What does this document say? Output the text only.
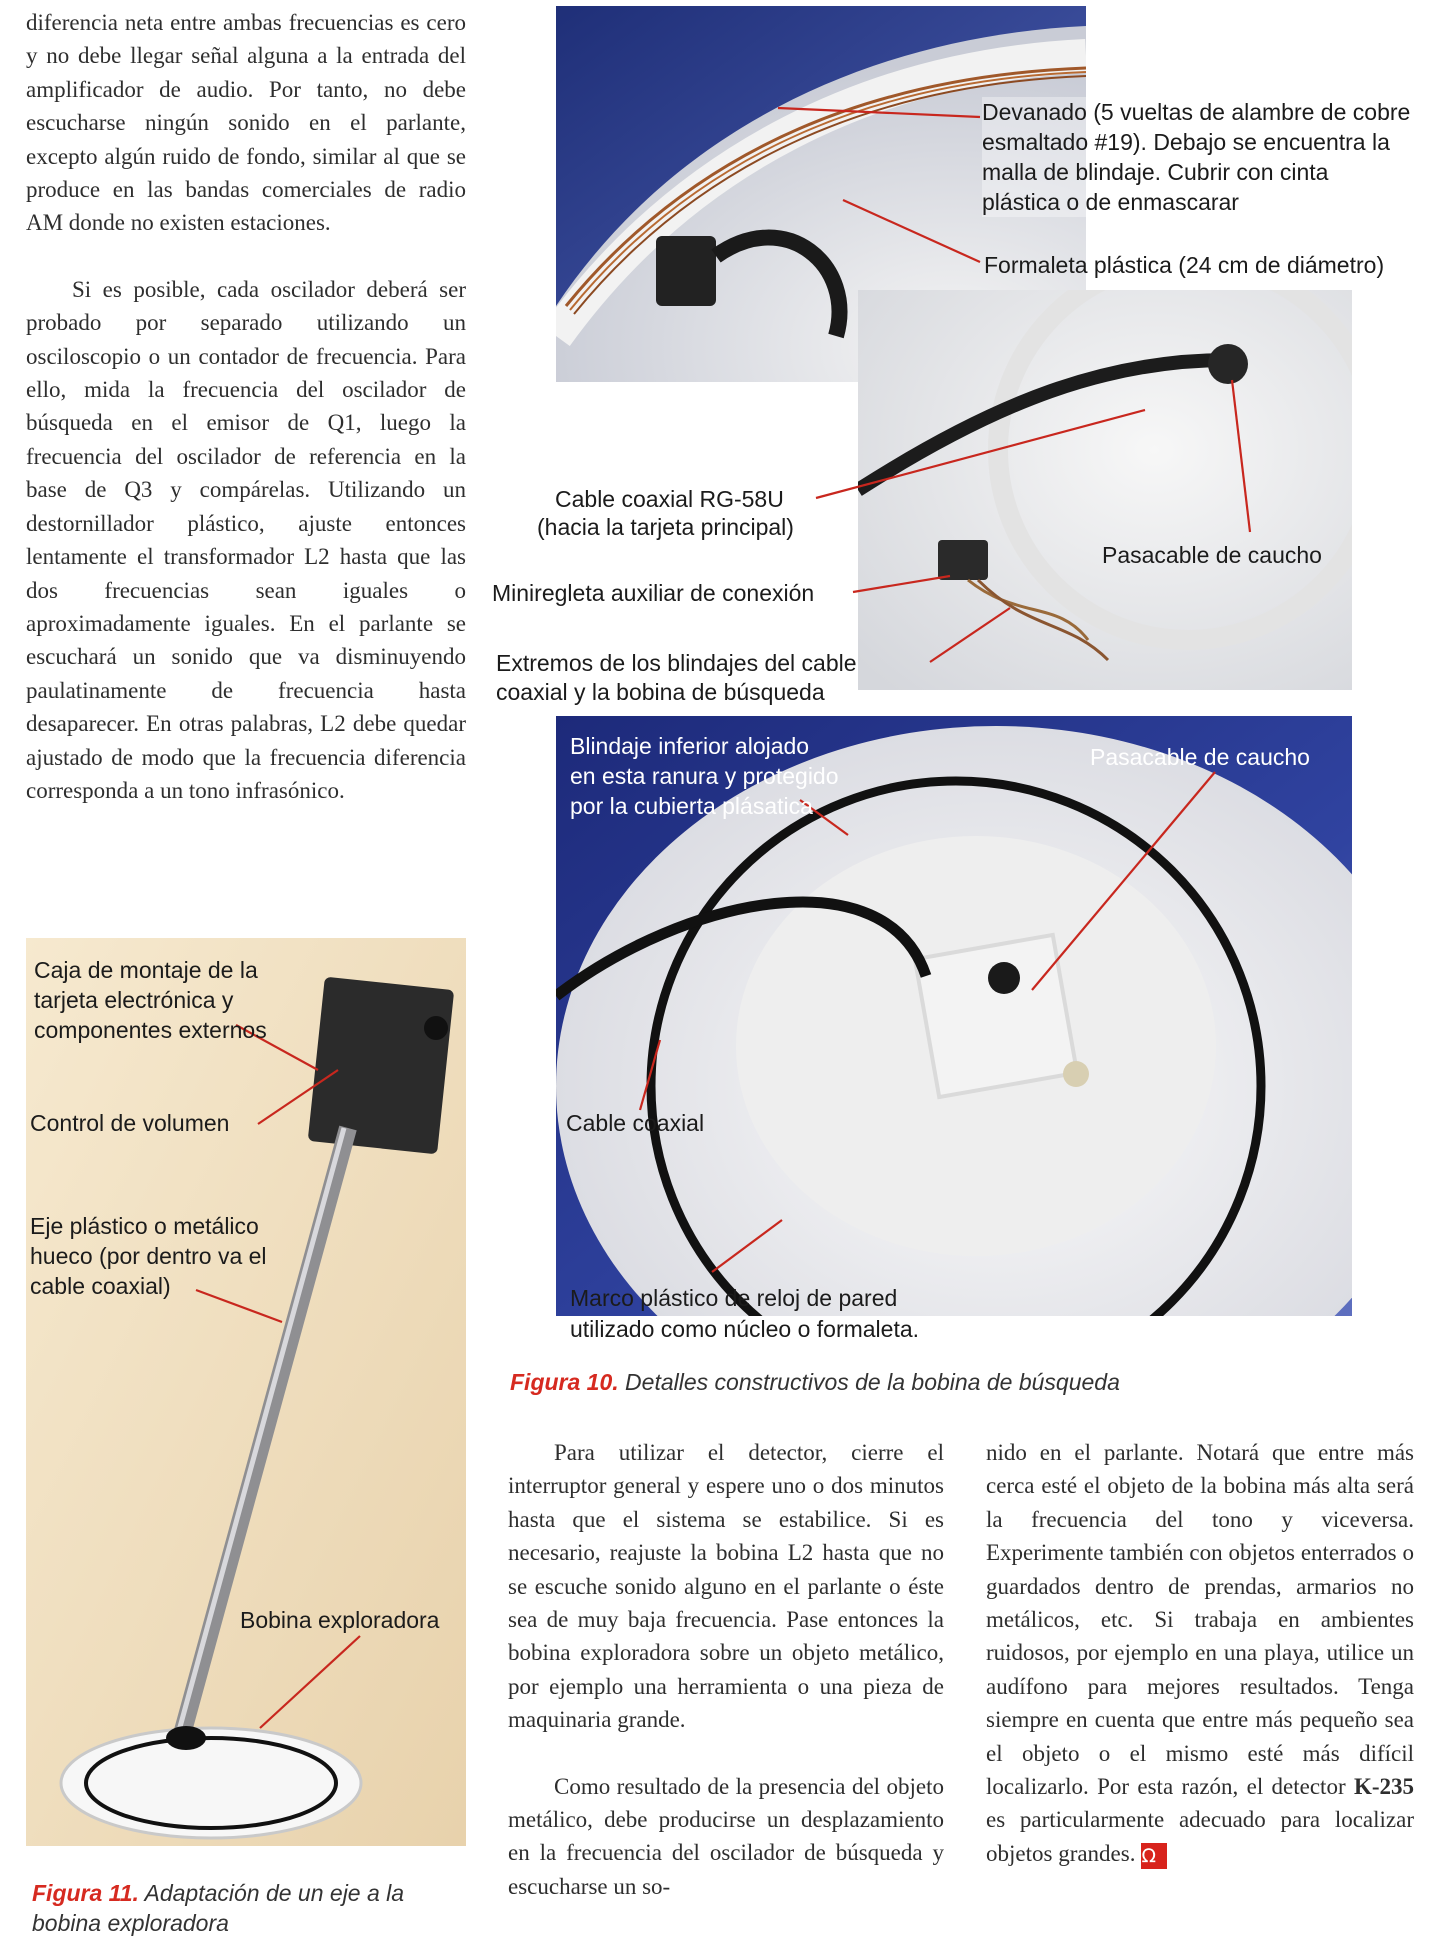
diferencia neta entre ambas frecuencias es cero y no debe llegar señal alguna a la entrada del amplificador de audio. Por tanto, no debe escucharse ningún sonido en el parlante, excepto algún ruido de fondo, similar al que se produce en las bandas comerciales de radio AM donde no existen estaciones.

Si es posible, cada oscilador deberá ser probado por separado utilizando un osciloscopio o un contador de frecuencia. Para ello, mida la frecuencia del oscilador de búsqueda en el emisor de Q1, luego la frecuencia del oscilador de referencia en la base de Q3 y compárelas. Utilizando un destornillador plástico, ajuste entonces lentamente el transformador L2 hasta que las dos frecuencias sean iguales o aproximadamente iguales. En el parlante se escuchará un sonido que va disminuyendo paulatinamente de frecuencia hasta desaparecer. En otras palabras, L2 debe quedar ajustado de modo que la frecuencia diferencia corresponda a un tono infrasónico.

Devanado (5 vueltas de alambre de cobre esmaltado #19). Debajo se encuentra la malla de blindaje. Cubrir con cinta plástica o de enmascarar
Formaleta plástica (24 cm de diámetro)
Cable coaxial RG-58U
(hacia la tarjeta principal)
Pasacable de caucho
Miniregleta auxiliar de conexión
Extremos de los blindajes del cable
coaxial y la bobina de búsqueda
Blindaje inferior alojado en esta ranura y protegido por la cubierta plásatica
Pasacable de caucho
Cable coaxial
Marco plástico de reloj de pared
utilizado como núcleo o formaleta.
Figura 10. Detalles constructivos de la bobina de búsqueda
Caja de montaje de la tarjeta electrónica y componentes externos
Control de volumen
Eje plástico o metálico hueco (por dentro va el cable coaxial)
Bobina exploradora
Figura 11. Adaptación de un eje a la bobina exploradora

Para utilizar el detector, cierre el interruptor general y espere uno o dos minutos hasta que el sistema se estabilice. Si es necesario, reajuste la bobina L2 hasta que no se escuche sonido alguno en el parlante o éste sea de muy baja frecuencia. Pase entonces la bobina exploradora sobre un objeto metálico, por ejemplo una herramienta o una pieza de maquinaria grande.

Como resultado de la presencia del objeto metálico, debe producirse un desplazamiento en la frecuencia del oscilador de búsqueda y escucharse un so-

nido en el parlante. Notará que entre más cerca esté el objeto de la bobina más alta será la frecuencia del tono y viceversa. Experimente también con objetos enterrados o guardados dentro de prendas, armarios no metálicos, etc. Si trabaja en ambientes ruidosos, por ejemplo en una playa, utilice un audífono para mejores resultados. Tenga siempre en cuenta que entre más pequeño sea el objeto o el mismo esté más difícil localizarlo. Por esta razón, el detector K-235 es particularmente adecuado para localizar objetos grandes. Ω
